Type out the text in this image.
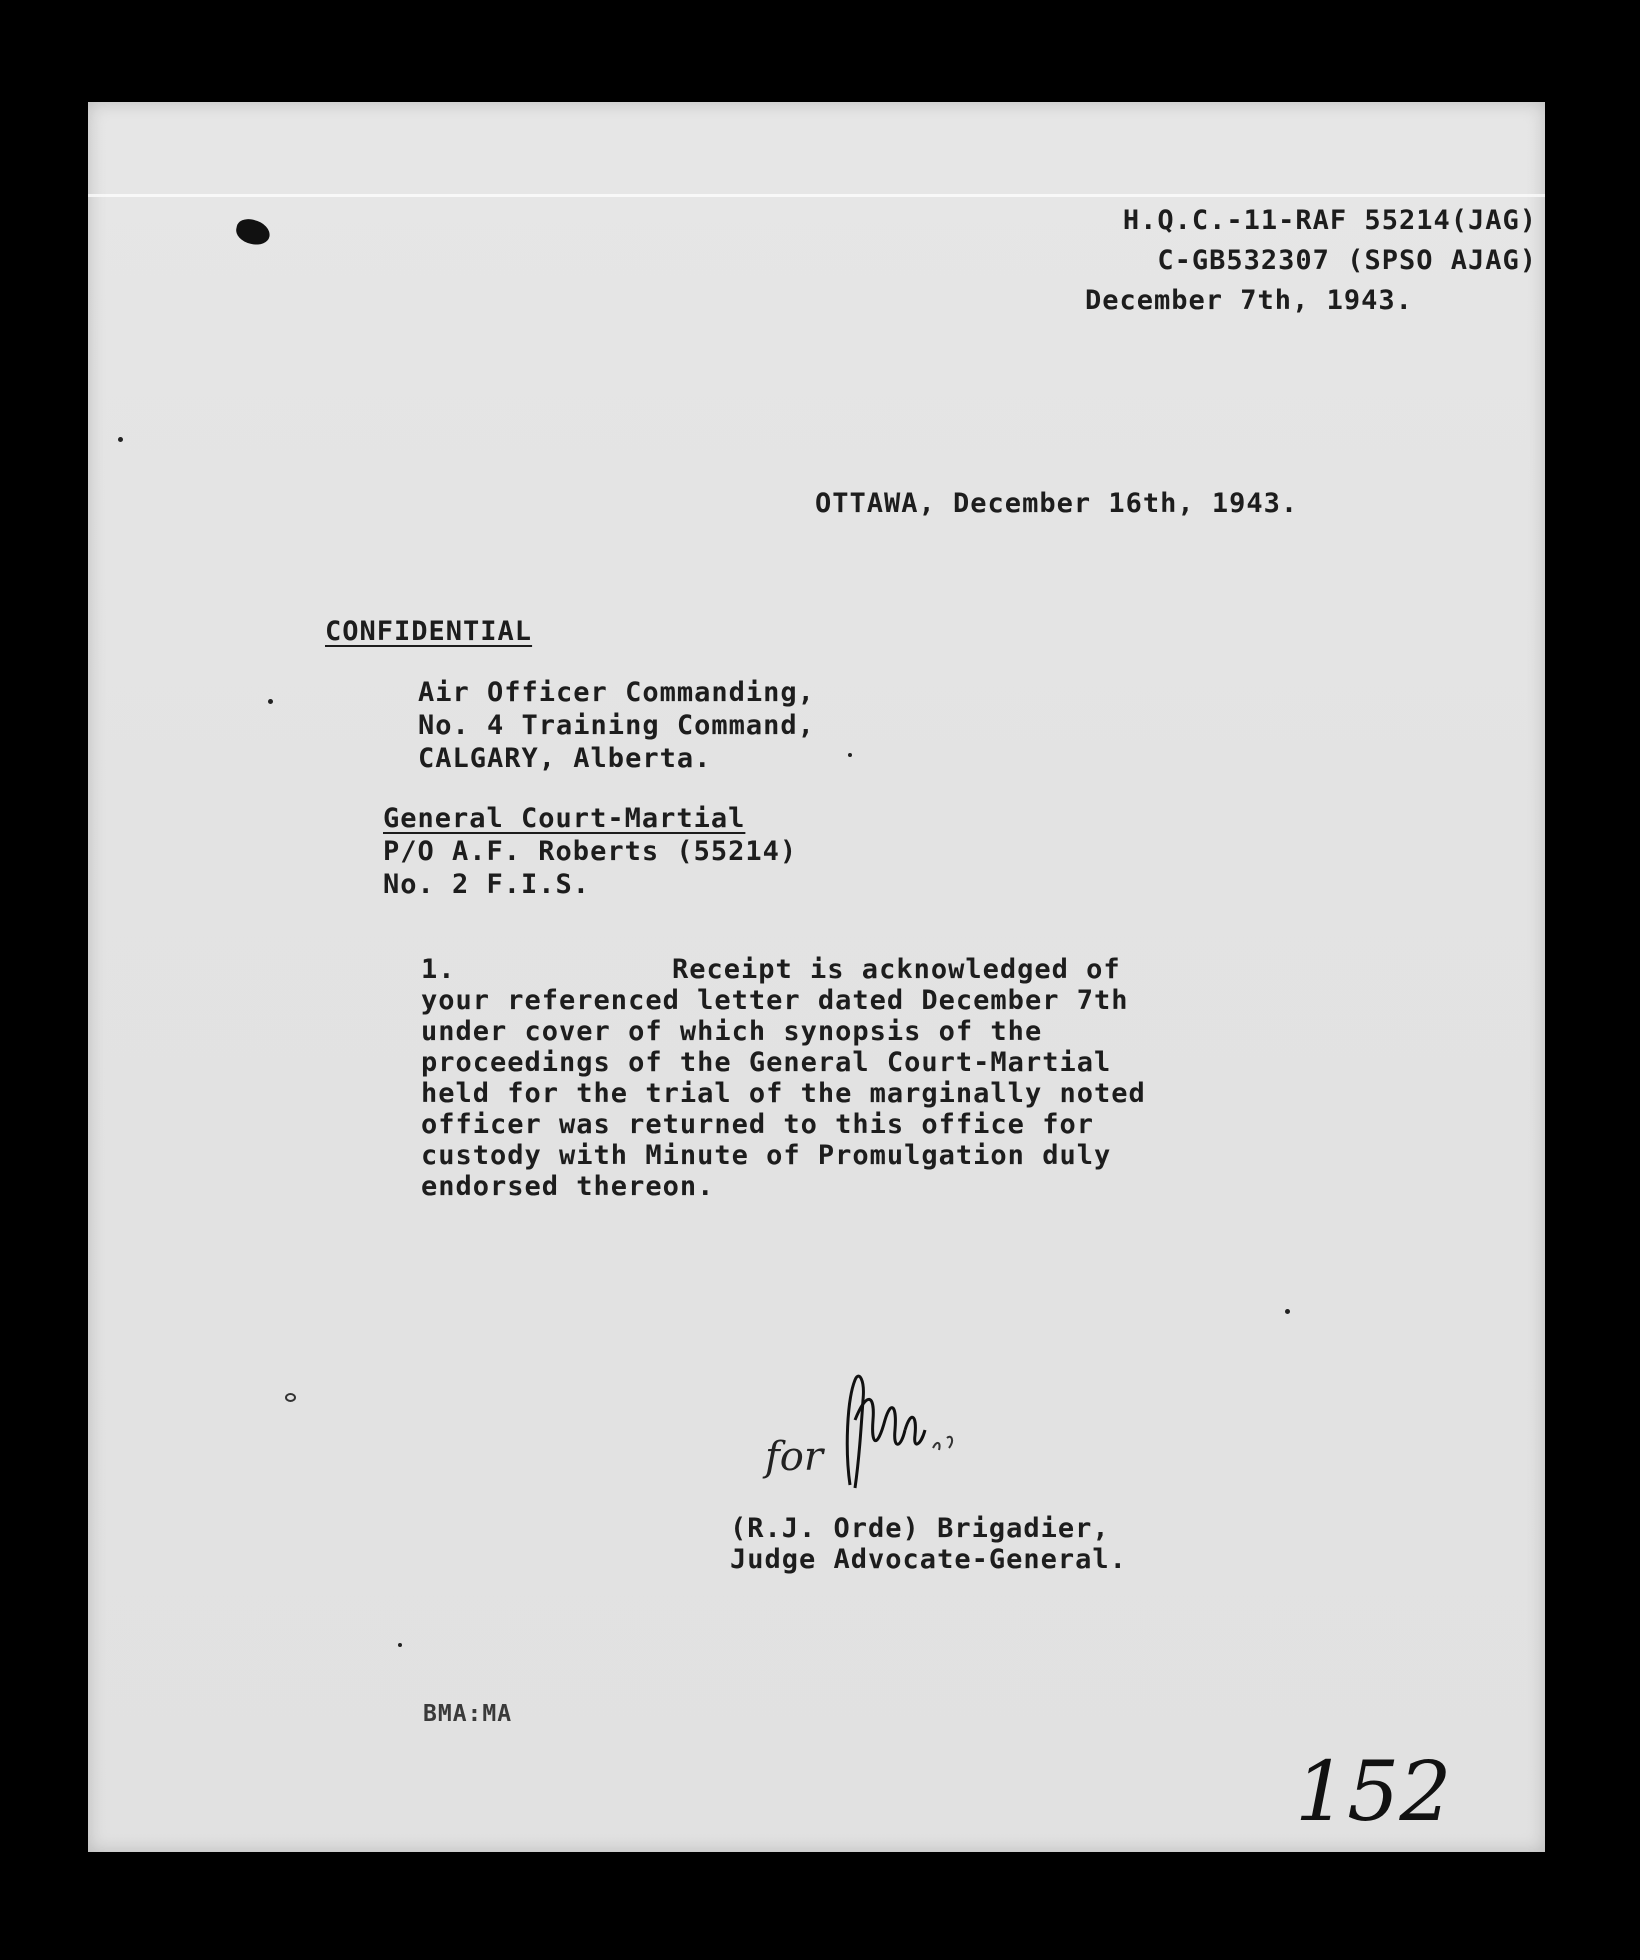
H.Q.C.-11-RAF 55214(JAG)
C-GB532307 (SPSO AJAG)
December 7th, 1943.
OTTAWA, December 16th, 1943.
CONFIDENTIAL
Air Officer Commanding,
No. 4 Training Command,
CALGARY, Alberta.
General Court-Martial
P/O A.F. Roberts (55214)
No. 2 F.I.S.
1.	Receipt is acknowledged of
your referenced letter dated December 7th
under cover of which synopsis of the
proceedings of the General Court-Martial
held for the trial of the marginally noted
officer was returned to this office for
custody with Minute of Promulgation duly
endorsed thereon.
(R.J. Orde) Brigadier,
Judge Advocate-General.
BMA:MA
for
152
